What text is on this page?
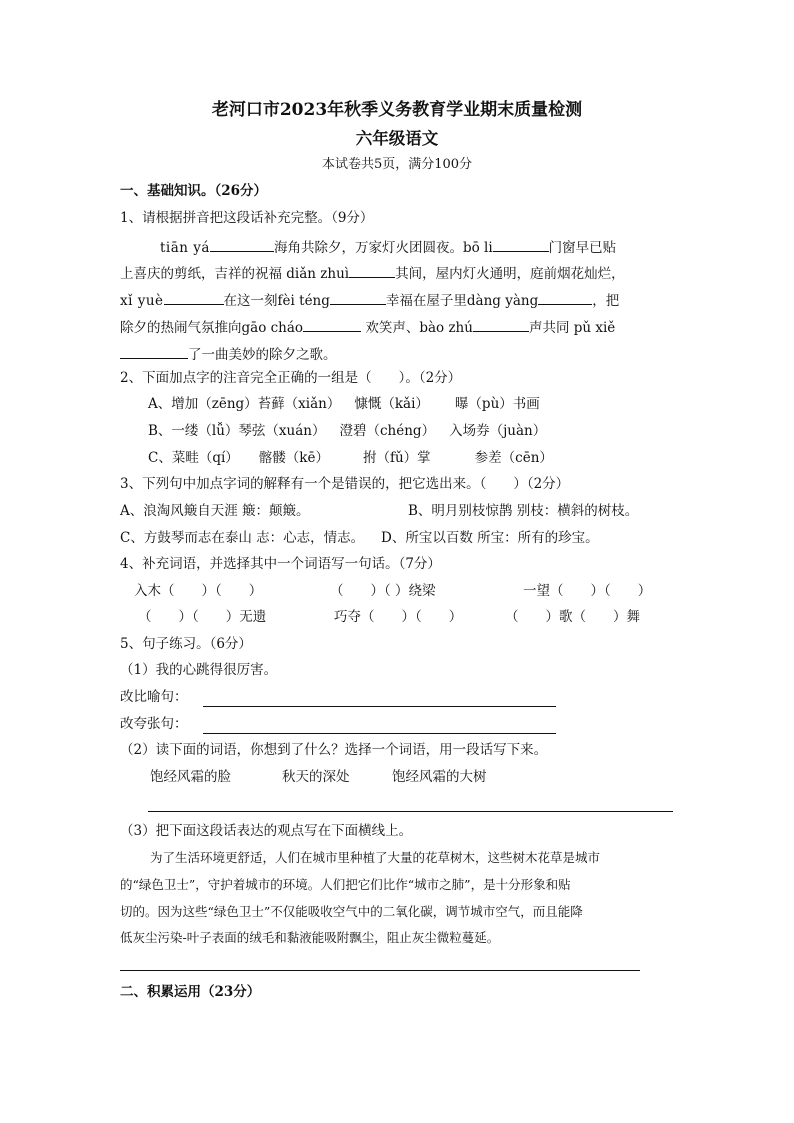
老河口市2023年秋季义务教育学业期末质量检测
六年级语文
本试卷共5页，满分100分
一、基础知识。（26分）
1、请根据拼音把这段话补充完整。（9分）
tiān yá	海角共除夕，万家灯火团圆夜。bō li	门窗早已贴
上喜庆的剪纸，吉祥的祝福 diǎn zhuì	其间，屋内灯火通明，庭前烟花灿烂，
xǐ yuè	在这一刻fèi téng	幸福在屋子里dàng yàng	，把
除夕的热闹气氛推向gāo cháo	欢笑声、bào zhú	声共同 pǔ xiě
了一曲美妙的除夕之歌。
2、下面加点字的注音完全正确的一组是（　　）。（2分）
A、增加（zēng）苔藓（xiǎn） 慷慨（kǎi） 曝（pù）书画
B、一缕（lǚ）琴弦（xuán） 澄碧（chéng） 入场券（juàn）
C、菜畦（qí） 髂髅（kē）	拊（fǔ）掌	参差（cēn）
3、下列句中加点字词的解释有一个是错误的，把它选出来。（　　）（2分）
A、浪淘风簸自天涯 簸：颠簸。	B、明月别枝惊鹊 别枝：横斜的树枝。
C、方鼓琴而志在泰山 志：心志，情志。 D、所宝以百数 所宝：所有的珍宝。
4、补充词语，并选择其中一个词语写一句话。（7分）
入木（　　）（　　）	（　　）（ ）绕梁	一望（　　）（　　）
（　　）（　　）无遗	巧夺（　　）（　　）	（　　）歌（　　）舞
5、句子练习。（6分）
（1）我的心跳得很厉害。
改比喻句：
改夸张句：
（2）读下面的词语，你想到了什么？选择一个词语，用一段话写下来。
饱经风霜的脸	秋天的深处	饱经风霜的大树
（3）把下面这段话表达的观点写在下面横线上。
为了生活环境更舒适，人们在城市里种植了大量的花草树木，这些树木花草是城市
的“绿色卫士”，守护着城市的环境。人们把它们比作“城市之肺”，是十分形象和贴
切的。因为这些“绿色卫士”不仅能吸收空气中的二氧化碳，调节城市空气，而且能降
低灰尘污染-叶子表面的绒毛和黏液能吸附飘尘，阻止灰尘微粒蔓延。
二、积累运用（23分）
